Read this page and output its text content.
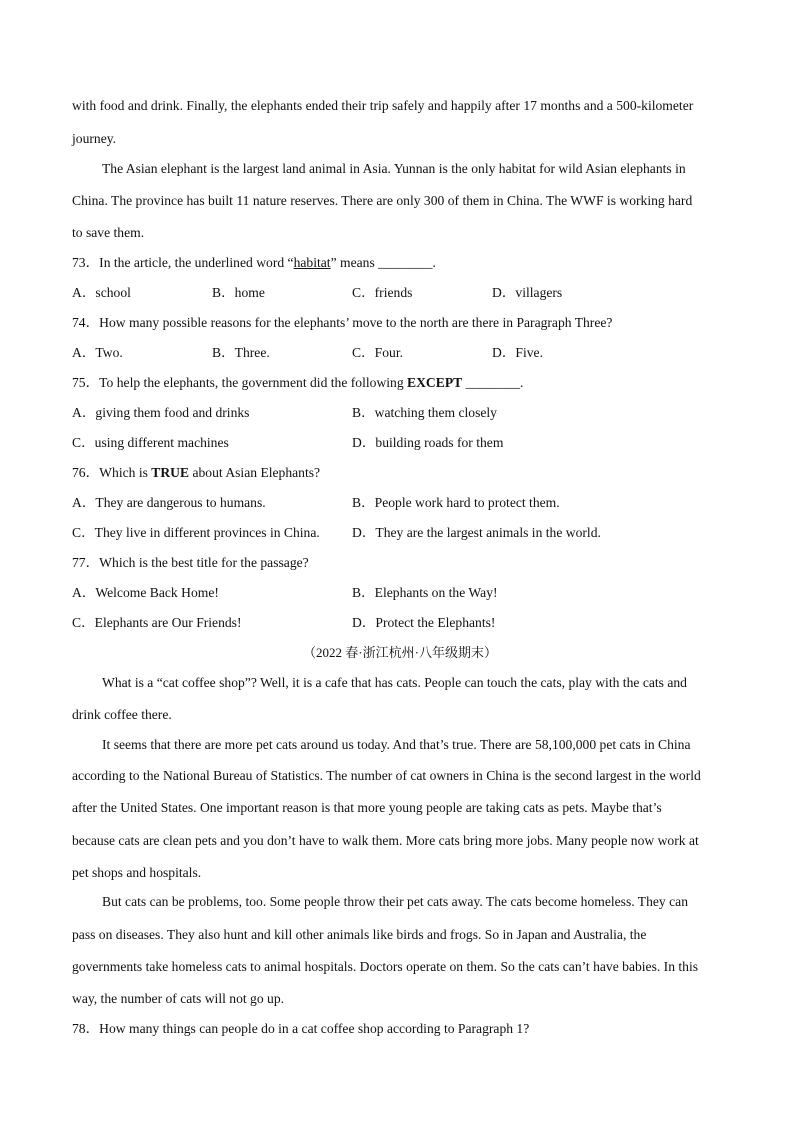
with food and drink. Finally, the elephants ended their trip safely and happily after 17 months and a 500-kilometer
journey.
The Asian elephant is the largest land animal in Asia. Yunnan is the only habitat for wild Asian elephants in
China. The province has built 11 nature reserves. There are only 300 of them in China. The WWF is working hard
to save them.
73．In the article, the underlined word “habitat” means ________.
A．school	B．home	C．friends	D．villagers
74．How many possible reasons for the elephants’ move to the north are there in Paragraph Three?
A．Two.	B．Three.	C．Four.	D．Five.
75．To help the elephants, the government did the following EXCEPT ________.
A．giving them food and drinks	B．watching them closely
C．using different machines	D．building roads for them
76．Which is TRUE about Asian Elephants?
A．They are dangerous to humans.	B．People work hard to protect them.
C．They live in different provinces in China. D．They are the largest animals in the world.
77．Which is the best title for the passage?
A．Welcome Back Home!	B．Elephants on the Way!
C．Elephants are Our Friends!	D．Protect the Elephants!
（2022 春·浙江杭州·八年级期末）
What is a “cat coffee shop”? Well, it is a cafe that has cats. People can touch the cats, play with the cats and
drink coffee there.
It seems that there are more pet cats around us today. And that’s true. There are 58,100,000 pet cats in China
according to the National Bureau of Statistics. The number of cat owners in China is the second largest in the world
after the United States. One important reason is that more young people are taking cats as pets. Maybe that’s
because cats are clean pets and you don’t have to walk them. More cats bring more jobs. Many people now work at
pet shops and hospitals.
But cats can be problems, too. Some people throw their pet cats away. The cats become homeless. They can
pass on diseases. They also hunt and kill other animals like birds and frogs. So in Japan and Australia, the
governments take homeless cats to animal hospitals. Doctors operate on them. So the cats can’t have babies. In this
way, the number of cats will not go up.
78．How many things can people do in a cat coffee shop according to Paragraph 1?
